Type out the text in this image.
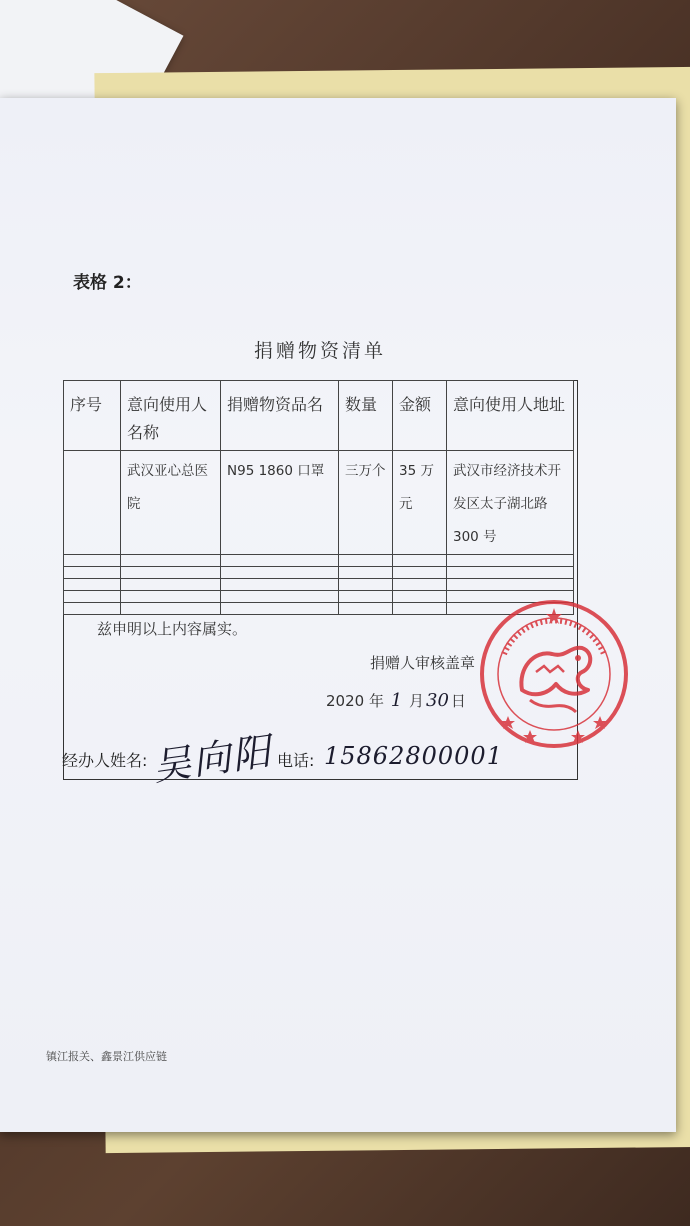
表格 2：
捐赠物资清单
序号	意向使用人名称	捐赠物资品名	数量	金额	意向使用人地址
	武汉亚心总医院	N95 1860 口罩	三万个	35 万元	武汉市经济技术开发区太子湖北路 300 号

兹申明以上内容属实。
捐赠人审核盖章
2020 年 1 月 30 日
经办人姓名: 吴向阳 电话: 15862800001
镇江报关、鑫景江供应链
